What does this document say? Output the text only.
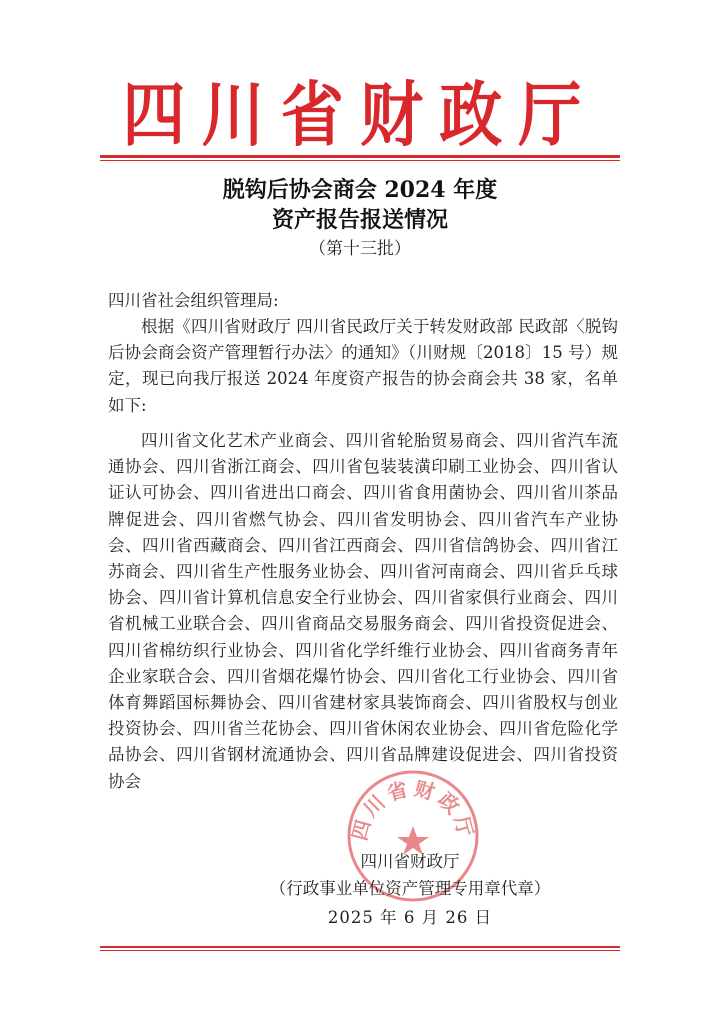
四川省财政厅
脱钩后协会商会 2024 年度
资产报告报送情况
（第十三批）
四川省社会组织管理局:
根据《四川省财政厅 四川省民政厅关于转发财政部 民政部〈脱钩后协会商会资产管理暂行办法〉的通知》（川财规〔2018〕15 号）规定，现已向我厅报送 2024 年度资产报告的协会商会共 38 家，名单如下:
四川省文化艺术产业商会、四川省轮胎贸易商会、四川省汽车流通协会、四川省浙江商会、四川省包装装潢印刷工业协会、四川省认证认可协会、四川省进出口商会、四川省食用菌协会、四川省川茶品牌促进会、四川省燃气协会、四川省发明协会、四川省汽车产业协会、四川省西藏商会、四川省江西商会、四川省信鸽协会、四川省江苏商会、四川省生产性服务业协会、四川省河南商会、四川省乒乓球协会、四川省计算机信息安全行业协会、四川省家俱行业商会、四川省机械工业联合会、四川省商品交易服务商会、四川省投资促进会、四川省棉纺织行业协会、四川省化学纤维行业协会、四川省商务青年企业家联合会、四川省烟花爆竹协会、四川省化工行业协会、四川省体育舞蹈国标舞协会、四川省建材家具装饰商会、四川省股权与创业投资协会、四川省兰花协会、四川省休闲农业协会、四川省危险化学品协会、四川省钢材流通协会、四川省品牌建设促进会、四川省投资协会
四川省财政厅
四川省财政厅
（行政事业单位资产管理专用章代章）
2025 年 6 月 26 日
